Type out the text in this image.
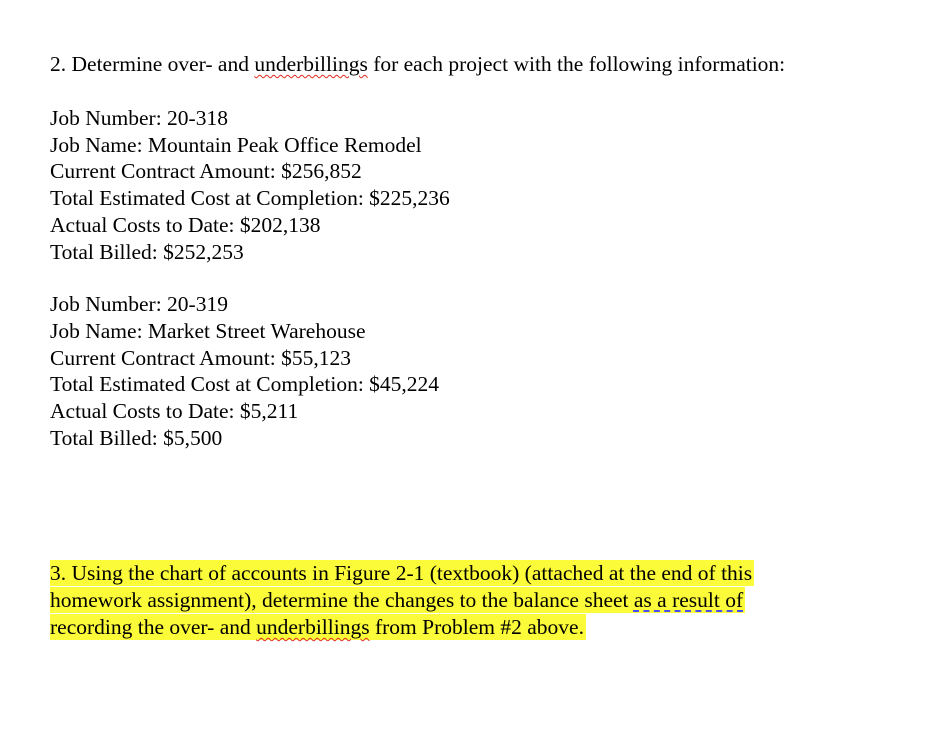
2. Determine over- and underbillings for each project with the following information:
Job Number: 20-318
Job Name: Mountain Peak Office Remodel
Current Contract Amount: $256,852
Total Estimated Cost at Completion: $225,236
Actual Costs to Date: $202,138
Total Billed: $252,253
Job Number: 20-319
Job Name: Market Street Warehouse
Current Contract Amount: $55,123
Total Estimated Cost at Completion: $45,224
Actual Costs to Date: $5,211
Total Billed: $5,500
3. Using the chart of accounts in Figure 2-1 (textbook) (attached at the end of this
homework assignment), determine the changes to the balance sheet as a result of
recording the over- and underbillings from Problem #2 above.
